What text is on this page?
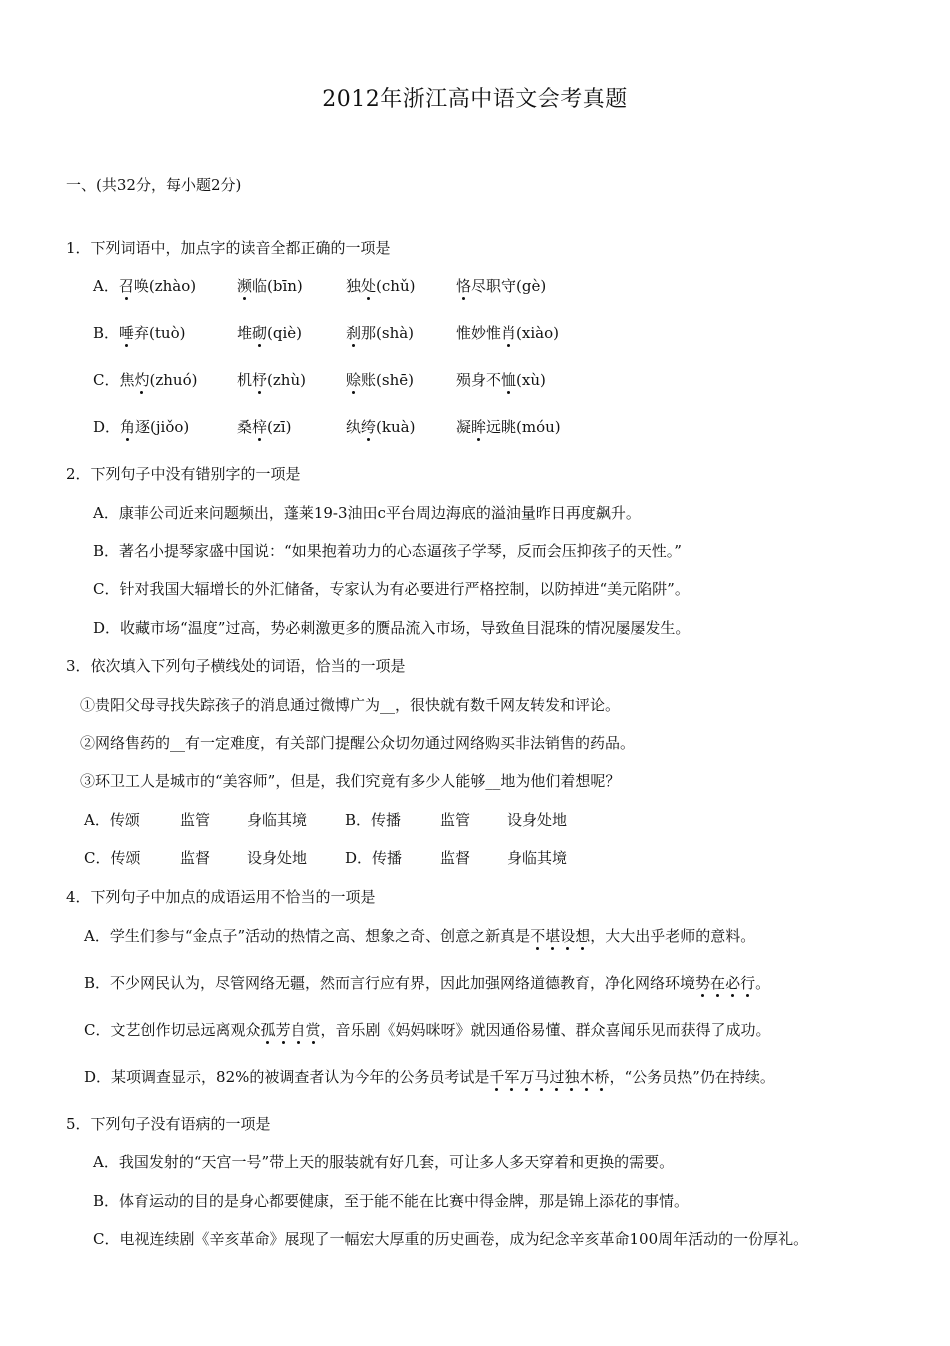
2012年浙江高中语文会考真题
一、(共32分，每小题2分)
1．下列词语中，加点字的读音全都正确的一项是
A．召唤(zhào)	濒临(bīn)	独处(chǔ)	恪尽职守(gè)
B．唾弃(tuò)	堆砌(qiè)	刹那(shà)	惟妙惟肖(xiào)
C．焦灼(zhuó)	机杼(zhù)	赊账(shē)	殒身不恤(xù)
D．角逐(jiǒo)	桑梓(zī)	纨绔(kuà)	凝眸远眺(móu)
2．下列句子中没有错别字的一项是
A．康菲公司近来问题频出，蓬莱19-3油田c平台周边海底的溢油量昨日再度飙升。
B．著名小提琴家盛中国说：“如果抱着功力的心态逼孩子学琴，反而会压抑孩子的天性。”
C．针对我国大辐增长的外汇储备，专家认为有必要进行严格控制，以防掉进“美元陷阱”。
D．收藏市场“温度”过高，势必刺激更多的赝品流入市场，导致鱼目混珠的情况屡屡发生。
3．依次填入下列句子横线处的词语，恰当的一项是
①贵阳父母寻找失踪孩子的消息通过微博广为__，很快就有数千网友转发和评论。
②网络售药的__有一定难度，有关部门提醒公众切勿通过网络购买非法销售的药品。
③环卫工人是城市的“美容师”，但是，我们究竟有多少人能够__地为他们着想呢？
A．传颂	监管 身临其境	B．传播	监管 设身处地
C．传颂	监督 设身处地	D．传播	监督 身临其境
4．下列句子中加点的成语运用不恰当的一项是
A．学生们参与“金点子”活动的热情之高、想象之奇、创意之新真是不堪设想，大大出乎老师的意料。
B．不少网民认为，尽管网络无疆，然而言行应有界，因此加强网络道德教育，净化网络环境势在必行。
C．文艺创作切忌远离观众孤芳自赏，音乐剧《妈妈咪呀》就因通俗易懂、群众喜闻乐见而获得了成功。
D．某项调查显示，82%的被调查者认为今年的公务员考试是千军万马过独木桥，“公务员热”仍在持续。
5．下列句子没有语病的一项是
A．我国发射的“天宫一号”带上天的服装就有好几套，可让多人多天穿着和更换的需要。
B．体育运动的目的是身心都要健康，至于能不能在比赛中得金牌，那是锦上添花的事情。
C．电视连续剧《辛亥革命》展现了一幅宏大厚重的历史画卷，成为纪念辛亥革命100周年活动的一份厚礼。
